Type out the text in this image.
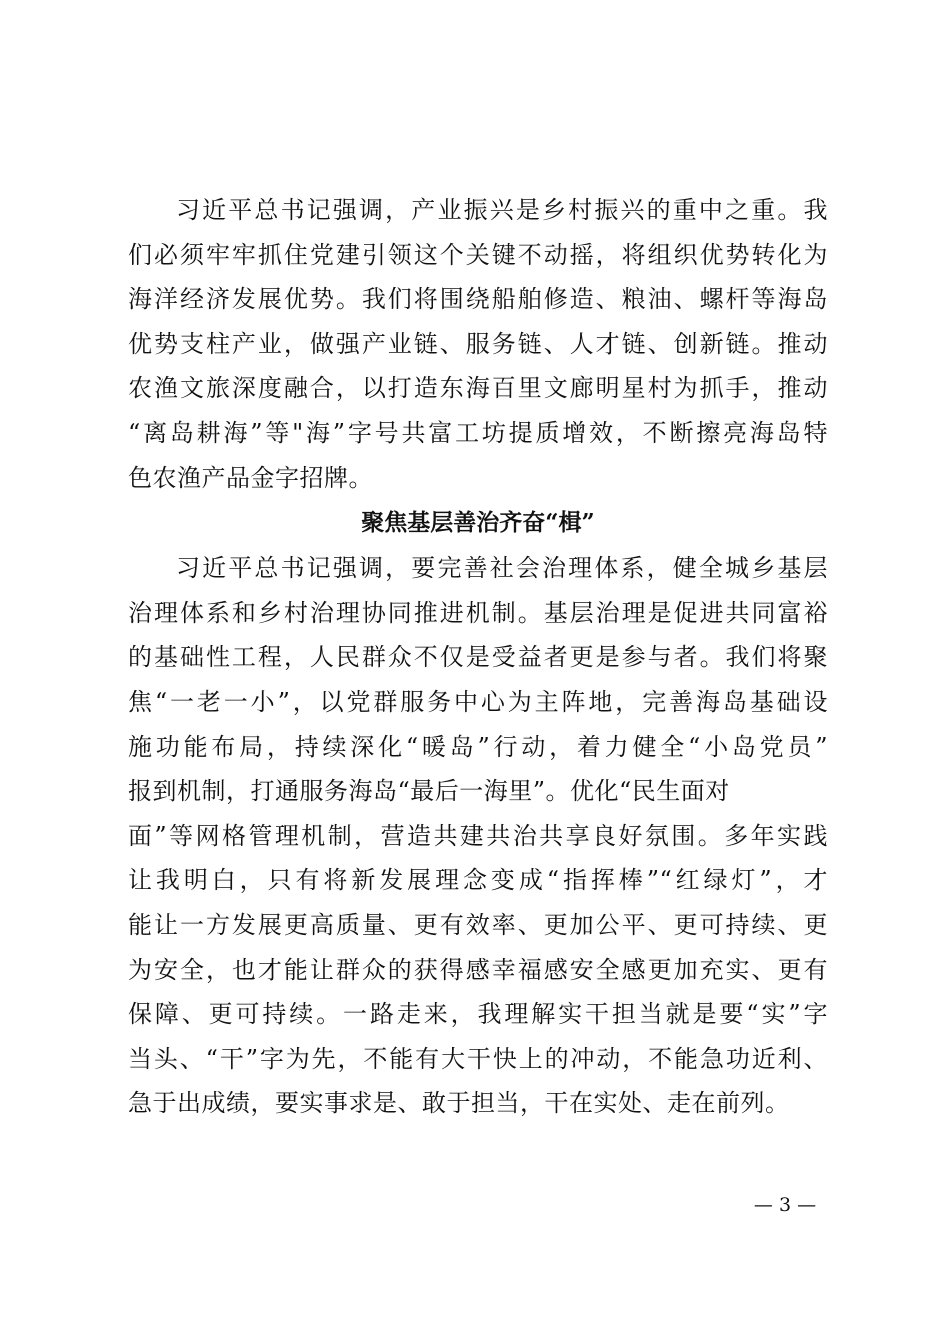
习近平总书记强调，产业振兴是乡村振兴的重中之重。我
们必须牢牢抓住党建引领这个关键不动摇，将组织优势转化为
海洋经济发展优势。我们将围绕船舶修造、粮油、螺杆等海岛
优势支柱产业，做强产业链、服务链、人才链、创新链。推动
农渔文旅深度融合，以打造东海百里文廊明星村为抓手，推动
“离岛耕海”等"海”字号共富工坊提质增效，不断擦亮海岛特
色农渔产品金字招牌。
聚焦基层善治齐奋“楫”
习近平总书记强调，要完善社会治理体系，健全城乡基层
治理体系和乡村治理协同推进机制。基层治理是促进共同富裕
的基础性工程，人民群众不仅是受益者更是参与者。我们将聚
焦“一老一小”，以党群服务中心为主阵地，完善海岛基础设
施功能布局，持续深化“暖岛”行动，着力健全“小岛党员”
报到机制，打通服务海岛“最后一海里”。优化“民生面对
面”等网格管理机制，营造共建共治共享良好氛围。多年实践
让我明白，只有将新发展理念变成“指挥棒”“红绿灯”，才
能让一方发展更高质量、更有效率、更加公平、更可持续、更
为安全，也才能让群众的获得感幸福感安全感更加充实、更有
保障、更可持续。一路走来，我理解实干担当就是要“实”字
当头、“干”字为先，不能有大干快上的冲动，不能急功近利、
急于出成绩，要实事求是、敢于担当，干在实处、走在前列。
— 3 —
